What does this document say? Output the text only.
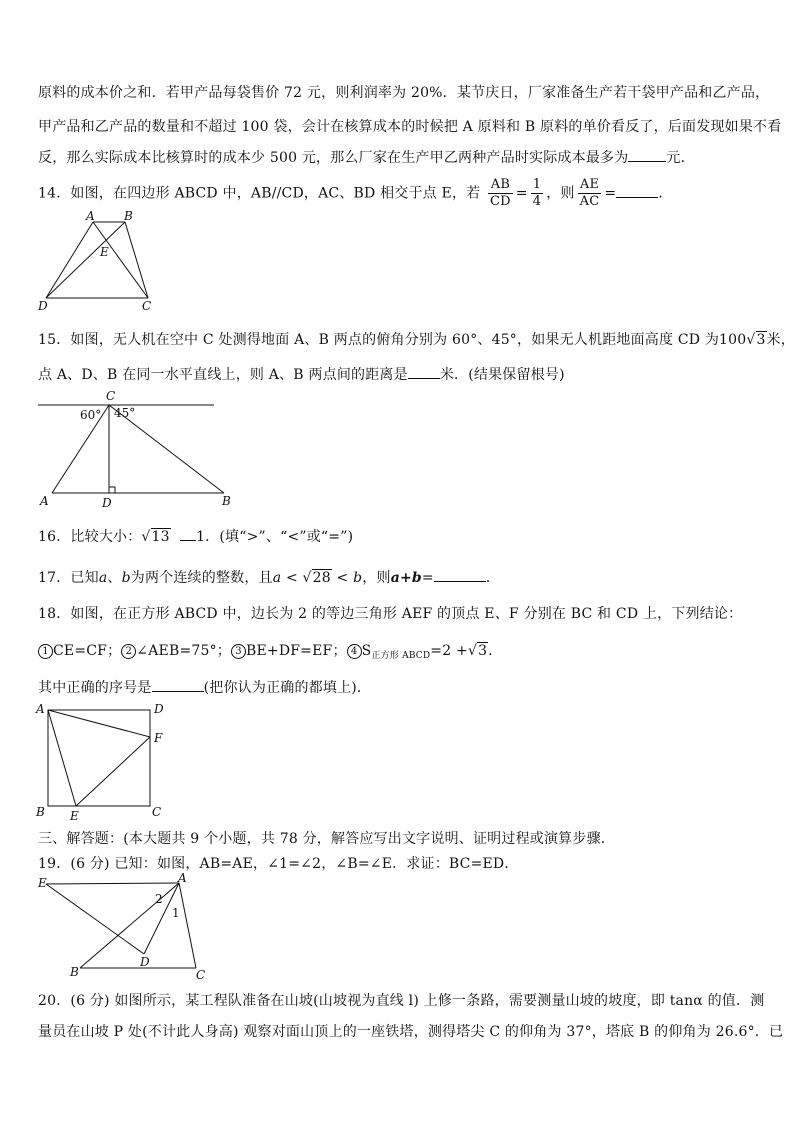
原料的成本价之和．若甲产品每袋售价 72 元，则利润率为 20%．某节庆日，厂家准备生产若干袋甲产品和乙产品，
甲产品和乙产品的数量和不超过 100 袋，会计在核算成本的时候把 A 原料和 B 原料的单价看反了，后面发现如果不看
反，那么实际成本比核算时的成本少 500 元，那么厂家在生产甲乙两种产品时实际成本最多为	元．
14．如图，在四边形 ABCD 中，AB//CD，AC、BD 相交于点 E，若 $\frac{AB}{CD} = \frac{1}{4}$ ，则 $\frac{AE}{AC}$ =	．
A B
E
D	C
15．如图，无人机在空中 C 处测得地面 A、B 两点的俯角分别为 60°、45°，如果无人机距地面高度 CD 为100√3米，
点 A、D、B 在同一水平直线上，则 A、B 两点间的距离是 米．(结果保留根号)
C
60° 45°
A	D	B
16．比较大小：√13 1．(填“>”、“<”或“=”)
17．已知a、b为两个连续的整数，且a < √28 < b，则a+b=	．
18．如图，在正方形 ABCD 中，边长为 2 的等边三角形 AEF 的顶点 E、F 分别在 BC 和 CD 上，下列结论：
1 CE=CF； 2 ∠AEB=75°； 3 BE+DF=EF； 4 $S_{正方形 ABCD}=2 +√3$．
其中正确的序号是	(把你认为正确的都填上)．
A	D
F
B E	C
三、解答题：(本大题共 9 个小题，共 78 分，解答应写出文字说明、证明过程或演算步骤．
19．(6 分) 已知：如图，AB=AE，∠1=∠2，∠B=∠E．求证：BC=ED．
E	A
2
1
B
D
C
20．(6 分) 如图所示，某工程队准备在山坡(山坡视为直线 l) 上修一条路，需要测量山坡的坡度，即 tanα 的值．测
量员在山坡 P 处(不计此人身高) 观察对面山顶上的一座铁塔，测得塔尖 C 的仰角为 37°，塔底 B 的仰角为 26.6°．已
